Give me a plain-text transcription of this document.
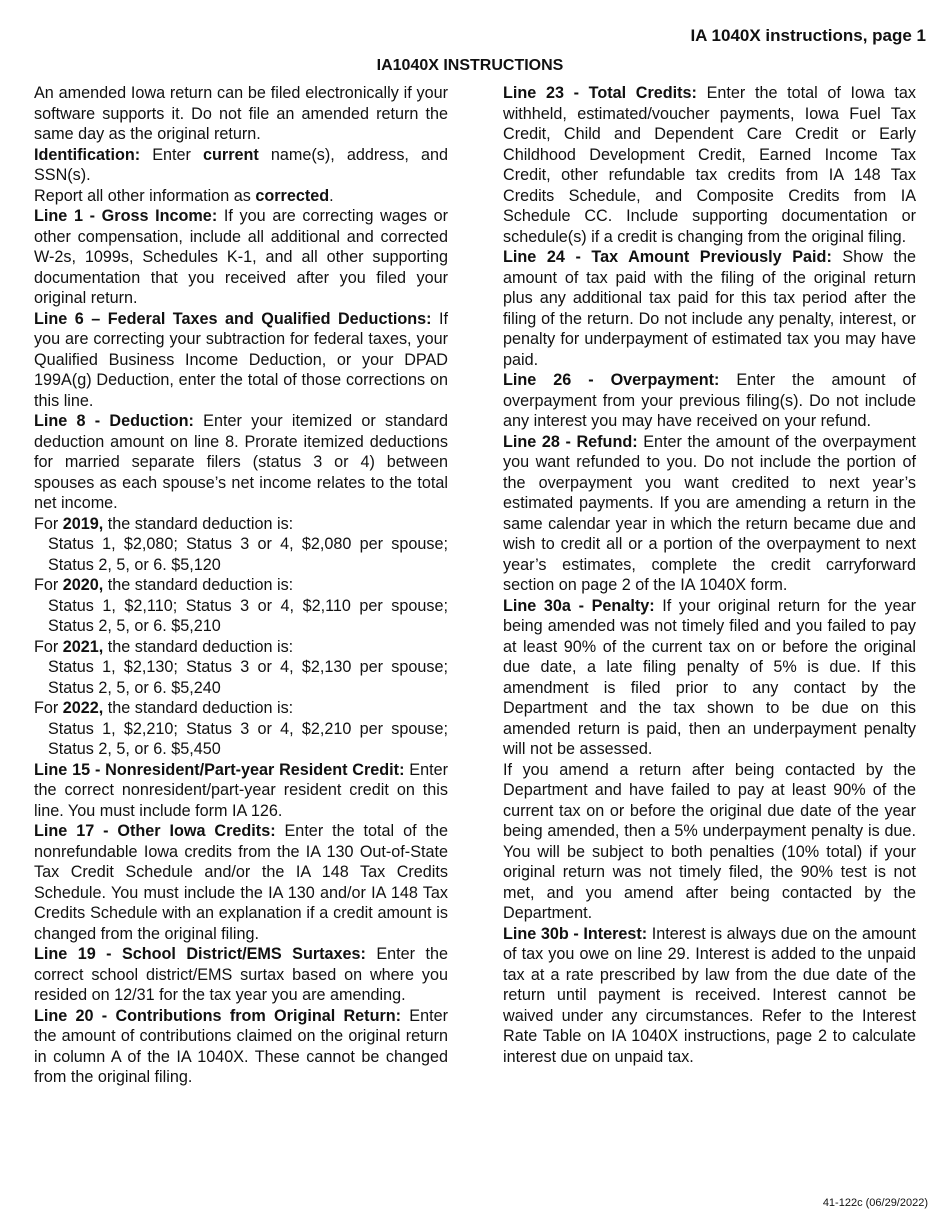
IA 1040X instructions, page 1
IA1040X INSTRUCTIONS

An amended Iowa return can be filed electronically if your software supports it. Do not file an amended return the same day as the original return.

Identification: Enter current name(s), address, and SSN(s).

Report all other information as corrected.

Line 1 - Gross Income: If you are correcting wages or other compensation, include all additional and corrected W-2s, 1099s, Schedules K-1, and all other supporting documentation that you received after you filed your original return.

Line 6 – Federal Taxes and Qualified Deductions: If you are correcting your subtraction for federal taxes, your Qualified Business Income Deduction, or your DPAD 199A(g) Deduction, enter the total of those corrections on this line.

Line 8 - Deduction: Enter your itemized or standard deduction amount on line 8. Prorate itemized deductions for married separate filers (status 3 or 4) between spouses as each spouse’s net income relates to the total net income.

For 2019, the standard deduction is:

Status 1, $2,080; Status 3 or 4, $2,080 per spouse; Status 2, 5, or 6. $5,120

For 2020, the standard deduction is:

Status 1, $2,110; Status 3 or 4, $2,110 per spouse; Status 2, 5, or 6. $5,210

For 2021, the standard deduction is:

Status 1, $2,130; Status 3 or 4, $2,130 per spouse; Status 2, 5, or 6. $5,240

For 2022, the standard deduction is:

Status 1, $2,210; Status 3 or 4, $2,210 per spouse; Status 2, 5, or 6. $5,450

Line 15 - Nonresident/Part-year Resident Credit: Enter the correct nonresident/part-year resident credit on this line. You must include form IA 126.

Line 17 - Other Iowa Credits: Enter the total of the nonrefundable Iowa credits from the IA 130 Out-of-State Tax Credit Schedule and/or the IA 148 Tax Credits Schedule. You must include the IA 130 and/or IA 148 Tax Credits Schedule with an explanation if a credit amount is changed from the original filing.

Line 19 - School District/EMS Surtaxes: Enter the correct school district/EMS surtax based on where you resided on 12/31 for the tax year you are amending.

Line 20 - Contributions from Original Return: Enter the amount of contributions claimed on the original return in column A of the IA 1040X. These cannot be changed from the original filing.

Line 23 - Total Credits: Enter the total of Iowa tax withheld, estimated/voucher payments, Iowa Fuel Tax Credit, Child and Dependent Care Credit or Early Childhood Development Credit, Earned Income Tax Credit, other refundable tax credits from IA 148 Tax Credits Schedule, and Composite Credits from IA Schedule CC. Include supporting documentation or schedule(s) if a credit is changing from the original filing.

Line 24 - Tax Amount Previously Paid: Show the amount of tax paid with the filing of the original return plus any additional tax paid for this tax period after the filing of the return. Do not include any penalty, interest, or penalty for underpayment of estimated tax you may have paid.

Line 26 - Overpayment: Enter the amount of overpayment from your previous filing(s). Do not include any interest you may have received on your refund.

Line 28 - Refund: Enter the amount of the overpayment you want refunded to you. Do not include the portion of the overpayment you want credited to next year’s estimated payments. If you are amending a return in the same calendar year in which the return became due and wish to credit all or a portion of the overpayment to next year’s estimates, complete the credit carryforward section on page 2 of the IA 1040X form.

Line 30a - Penalty: If your original return for the year being amended was not timely filed and you failed to pay at least 90% of the current tax on or before the original due date, a late filing penalty of 5% is due. If this amendment is filed prior to any contact by the Department and the tax shown to be due on this amended return is paid, then an underpayment penalty will not be assessed.

If you amend a return after being contacted by the Department and have failed to pay at least 90% of the current tax on or before the original due date of the year being amended, then a 5% underpayment penalty is due. You will be subject to both penalties (10% total) if your original return was not timely filed, the 90% test is not met, and you amend after being contacted by the Department.

Line 30b - Interest: Interest is always due on the amount of tax you owe on line 29. Interest is added to the unpaid tax at a rate prescribed by law from the due date of the return until payment is received. Interest cannot be waived under any circumstances. Refer to the Interest Rate Table on IA 1040X instructions, page 2 to calculate interest due on unpaid tax.

41-122c (06/29/2022)
